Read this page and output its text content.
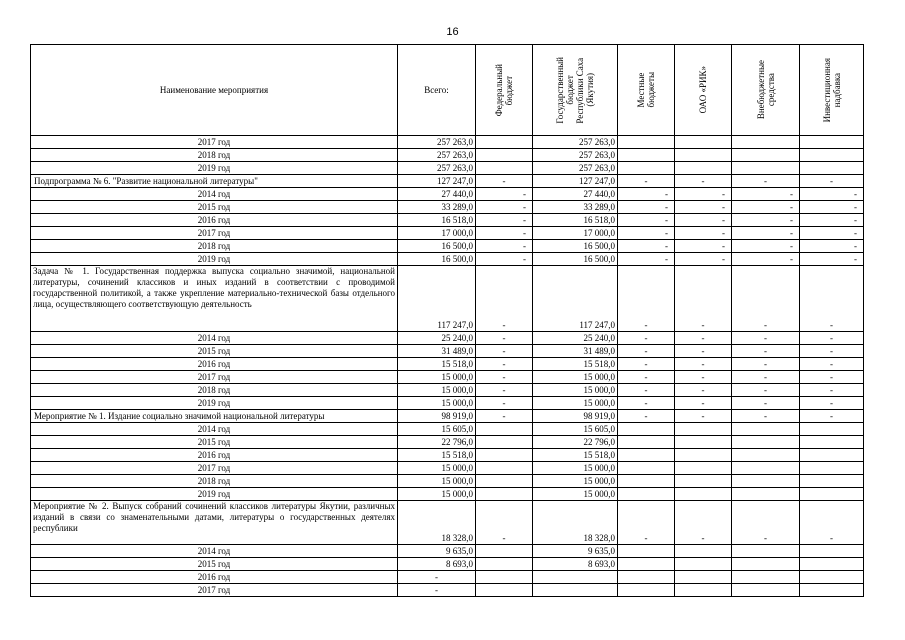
16
Наименование мероприятия	Всего:	Федеральный
бюджет	Государственный
бюджет
Республики Саха
(Якутия)	Местные
бюджеты	ОАО «РИК»	Внебюджетные
средства	Инвестиционная
надбавка

2017 год	257 263,0		257 263,0				
2018 год	257 263,0		257 263,0				
2019 год	257 263,0		257 263,0				
Подпрограмма № 6. "Развитие национальной литературы"	127 247,0	-	127 247,0	-	-	-	-
2014 год	27 440,0	-	27 440,0	-	-	-	-
2015 год	33 289,0	-	33 289,0	-	-	-	-
2016 год	16 518,0	-	16 518,0	-	-	-	-
2017 год	17 000,0	-	17 000,0	-	-	-	-
2018 год	16 500,0	-	16 500,0	-	-	-	-
2019 год	16 500,0	-	16 500,0	-	-	-	-
Задача № 1. Государственная поддержка выпуска социально значимой, национальной литературы, сочинений классиков и иных изданий в соответствии с проводимой государственной политикой, а также укрепление материально-технической базы отдельного лица, осуществляющего соответствующую деятельность	117 247,0	-	117 247,0	-	-	-	-
2014 год	25 240,0	-	25 240,0	-	-	-	-
2015 год	31 489,0	-	31 489,0	-	-	-	-
2016 год	15 518,0	-	15 518,0	-	-	-	-
2017 год	15 000,0	-	15 000,0	-	-	-	-
2018 год	15 000,0	-	15 000,0	-	-	-	-
2019 год	15 000,0	-	15 000,0	-	-	-	-
Мероприятие № 1. Издание социально значимой национальной литературы	98 919,0	-	98 919,0	-	-	-	-
2014 год	15 605,0		15 605,0				
2015 год	22 796,0		22 796,0				
2016 год	15 518,0		15 518,0				
2017 год	15 000,0		15 000,0				
2018 год	15 000,0		15 000,0				
2019 год	15 000,0		15 000,0				
Мероприятие № 2. Выпуск собраний сочинений классиков литературы Якутии, различных изданий в связи со знаменательными датами, литературы о государственных деятелях республики	18 328,0	-	18 328,0	-	-	-	-
2014 год	9 635,0		9 635,0				
2015 год	8 693,0		8 693,0				
2016 год	-						
2017 год	-						
